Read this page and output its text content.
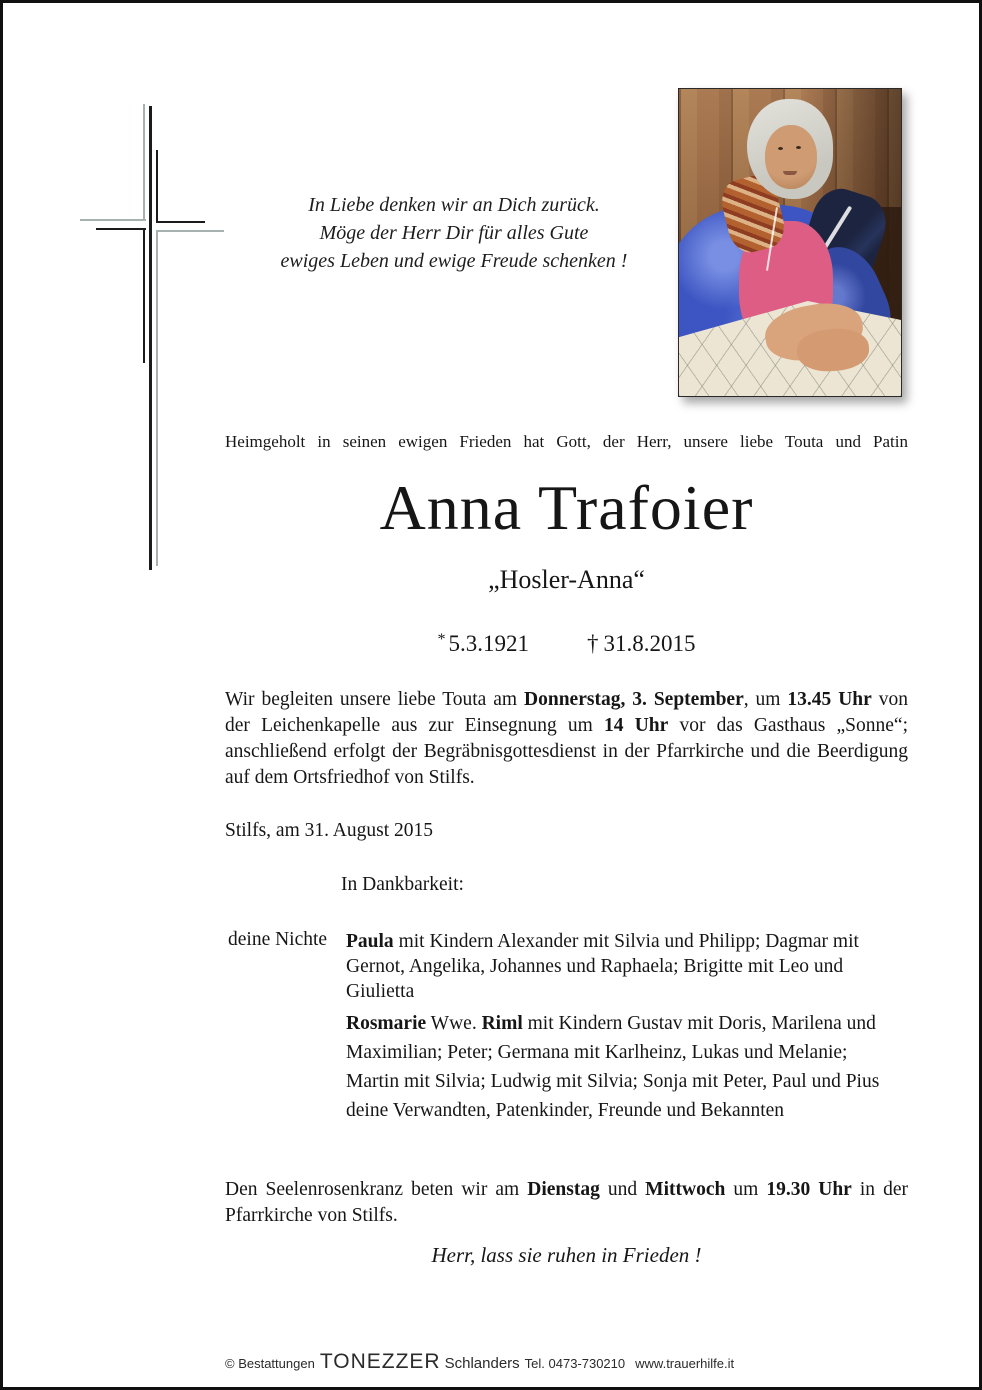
In Liebe denken wir an Dich zurück.
Möge der Herr Dir für alles Gute
ewiges Leben und ewige Freude schenken !
Heimgeholt in seinen ewigen Frieden hat Gott, der Herr, unsere liebe Touta und Patin
Anna Trafoier
„Hosler-Anna“
* 5.3.1921	† 31.8.2015
Wir begleiten unsere liebe Touta am Donnerstag, 3. September, um 13.45 Uhr von der Leichenkapelle aus zur Einsegnung um 14 Uhr vor das Gasthaus „Sonne“; anschließend erfolgt der Begräbnisgottesdienst in der Pfarrkirche und die Beerdigung auf dem Ortsfriedhof von Stilfs.
Stilfs, am 31. August 2015
In Dankbarkeit:
deine Nichte Paula mit Kindern Alexander mit Silvia und Philipp; Dagmar mit Gernot, Angelika, Johannes und Raphaela; Brigitte mit Leo und Giulietta
Rosmarie Wwe. Riml mit Kindern Gustav mit Doris, Marilena und Maximilian; Peter; Germana mit Karlheinz, Lukas und Melanie; Martin mit Silvia; Ludwig mit Silvia; Sonja mit Peter, Paul und Pius
deine Verwandten, Patenkinder, Freunde und Bekannten
Den Seelenrosenkranz beten wir am Dienstag und Mittwoch um 19.30 Uhr in der Pfarrkirche von Stilfs.
Herr, lass sie ruhen in Frieden !
© Bestattungen TONEZZER Schlanders Tel. 0473-730210 www.trauerhilfe.it
